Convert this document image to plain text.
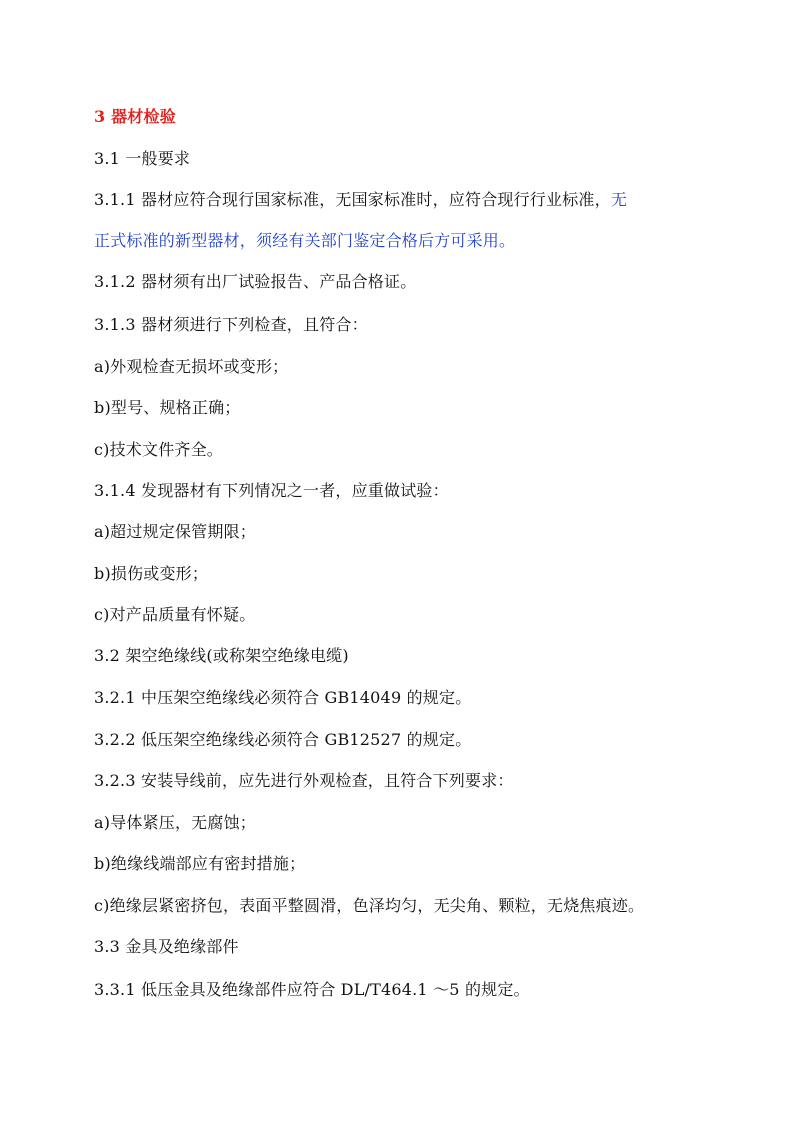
3 器材检验
3.1 一般要求
3.1.1 器材应符合现行国家标准，无国家标准时，应符合现行行业标准，无
正式标准的新型器材，须经有关部门鉴定合格后方可采用。
3.1.2 器材须有出厂试验报告、产品合格证。
3.1.3 器材须进行下列检查，且符合：
a)外观检查无损坏或变形；
b)型号、规格正确；
c)技术文件齐全。
3.1.4 发现器材有下列情况之一者，应重做试验：
a)超过规定保管期限；
b)损伤或变形；
c)对产品质量有怀疑。
3.2 架空绝缘线(或称架空绝缘电缆)
3.2.1 中压架空绝缘线必须符合 GB14049 的规定。
3.2.2 低压架空绝缘线必须符合 GB12527 的规定。
3.2.3 安装导线前，应先进行外观检查，且符合下列要求：
a)导体紧压，无腐蚀；
b)绝缘线端部应有密封措施；
c)绝缘层紧密挤包，表面平整圆滑，色泽均匀，无尖角、颗粒，无烧焦痕迹。
3.3 金具及绝缘部件
3.3.1 低压金具及绝缘部件应符合 DL/T464.1 ～5 的规定。
